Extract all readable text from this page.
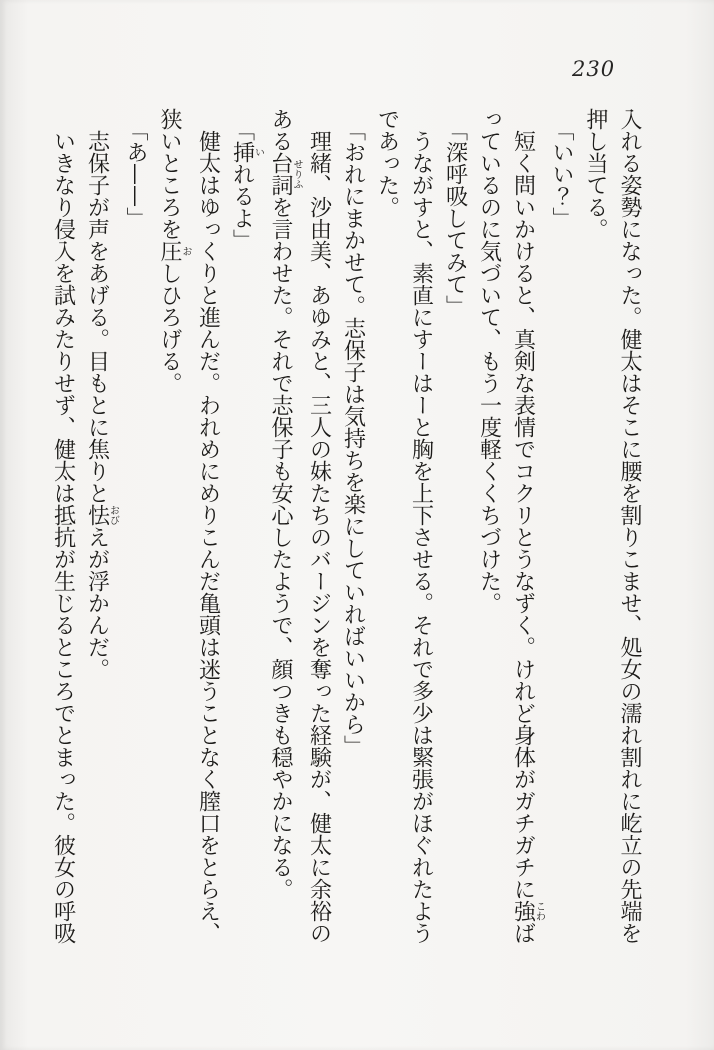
230

入れる姿勢になった。健太はそこに腰を割りこませ、処女の濡れ割れに屹立の先端を

押し当てる。

「いい？」

短く問いかけると、真剣な表情でコクリとうなずく。けれど身体がガチガチに強こわば

っているのに気づいて、もう一度軽くくちづけた。

「深呼吸してみて」

うながすと、素直にすーはーと胸を上下させる。それで多少は緊張がほぐれたよう

であった。

「おれにまかせて。志保子は気持ちを楽にしていればいいから」

理緒、沙由美、あゆみと、三人の妹たちのバージンを奪った経験が、健太に余裕の

ある台詞せりふを言わせた。それで志保子も安心したようで、顔つきも穏やかになる。

「挿いれるよ」

健太はゆっくりと進んだ。われめにめりこんだ亀頭は迷うことなく膣口をとらえ、

狭いところを圧おしひろげる。

「あ——」

志保子が声をあげる。目もとに焦りと怯おびえが浮かんだ。

いきなり侵入を試みたりせず、健太は抵抗が生じるところでとまった。彼女の呼吸
